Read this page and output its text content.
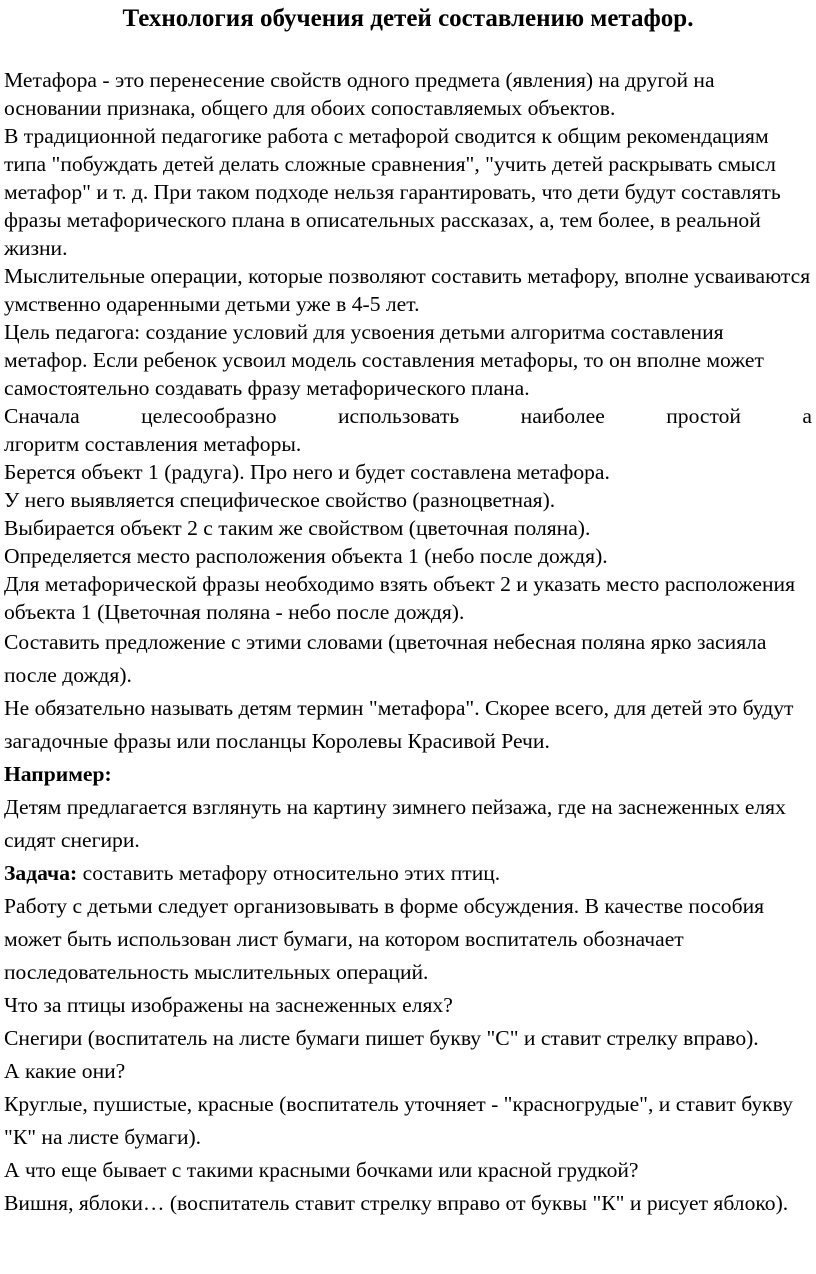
Технология обучения детей составлению метафор.

Метафора - это перенесение свойств одного предмета (явления) на другой на основании признака, общего для обоих сопоставляемых объектов.

В традиционной педагогике работа с метафорой сводится к общим рекомендациям типа "побуждать детей делать сложные сравнения", "учить детей раскрывать смысл метафор" и т. д. При таком подходе нельзя гарантировать, что дети будут составлять фразы метафорического плана в описательных рассказах, а, тем более, в реальной жизни.

Мыслительные операции, которые позволяют составить метафору, вполне усваиваются умственно одаренными детьми уже в 4-5 лет.

Цель педагога: создание условий для усвоения детьми алгоритма составления метафор. Если ребенок усвоил модель составления метафоры, то он вполне может самостоятельно создавать фразу метафорического плана.

Сначала целесообразно использовать наиболее простой а

лгоритм составления метафоры.

Берется объект 1 (радуга). Про него и будет составлена метафора.

У него выявляется специфическое свойство (разноцветная).

Выбирается объект 2 с таким же свойством (цветочная поляна).

Определяется место расположения объекта 1 (небо после дождя).

Для метафорической фразы необходимо взять объект 2 и указать место расположения объекта 1 (Цветочная поляна - небо после дождя).

Составить предложение с этими словами (цветочная небесная поляна ярко засияла после дождя).

Не обязательно называть детям термин "метафора". Скорее всего, для детей это будут загадочные фразы или посланцы Королевы Красивой Речи.

Например:

Детям предлагается взглянуть на картину зимнего пейзажа, где на заснеженных елях сидят снегири.

Задача: составить метафору относительно этих птиц.

Работу с детьми следует организовывать в форме обсуждения. В качестве пособия может быть использован лист бумаги, на котором воспитатель обозначает последовательность мыслительных операций.

Что за птицы изображены на заснеженных елях?

Снегири (воспитатель на листе бумаги пишет букву "С" и ставит стрелку вправо).

А какие они?

Круглые, пушистые, красные (воспитатель уточняет - "красногрудые", и ставит букву "К" на листе бумаги).

А что еще бывает с такими красными бочками или красной грудкой?

Вишня, яблоки… (воспитатель ставит стрелку вправо от буквы "К" и рисует яблоко).
